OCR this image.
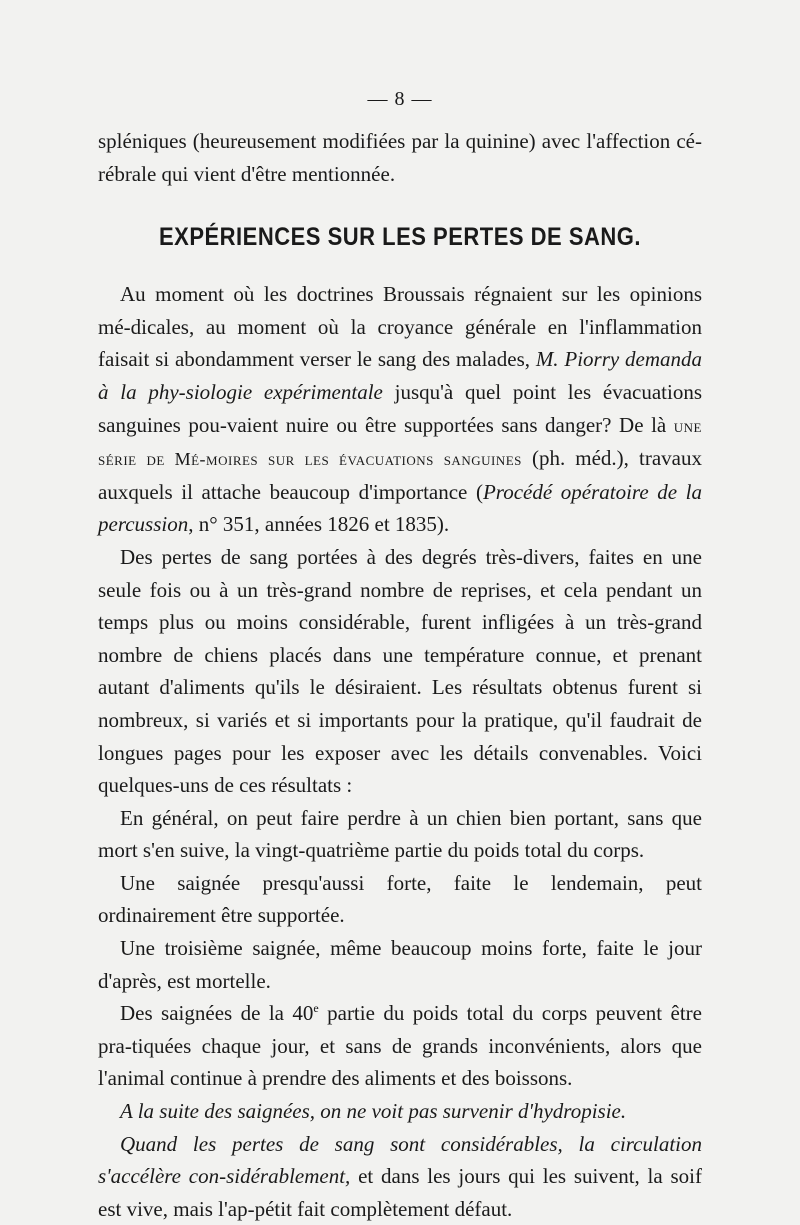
— 8 —

spléniques (heureusement modifiées par la quinine) avec l'affection cé-rébrale qui vient d'être mentionnée.

EXPÉRIENCES SUR LES PERTES DE SANG.

Au moment où les doctrines Broussais régnaient sur les opinions mé-dicales, au moment où la croyance générale en l'inflammation faisait si abondamment verser le sang des malades, M. Piorry demanda à la phy-siologie expérimentale jusqu'à quel point les évacuations sanguines pou-vaient nuire ou être supportées sans danger? De là une série de Mé-moires sur les évacuations sanguines (ph. méd.), travaux auxquels il attache beaucoup d'importance (Procédé opératoire de la percussion, n° 351, années 1826 et 1835).

Des pertes de sang portées à des degrés très-divers, faites en une seule fois ou à un très-grand nombre de reprises, et cela pendant un temps plus ou moins considérable, furent infligées à un très-grand nombre de chiens placés dans une température connue, et prenant autant d'aliments qu'ils le désiraient. Les résultats obtenus furent si nombreux, si variés et si importants pour la pratique, qu'il faudrait de longues pages pour les exposer avec les détails convenables. Voici quelques-uns de ces résultats :

En général, on peut faire perdre à un chien bien portant, sans que mort s'en suive, la vingt-quatrième partie du poids total du corps.

Une saignée presqu'aussi forte, faite le lendemain, peut ordinairement être supportée.

Une troisième saignée, même beaucoup moins forte, faite le jour d'après, est mortelle.

Des saignées de la 40e partie du poids total du corps peuvent être pra-tiquées chaque jour, et sans de grands inconvénients, alors que l'animal continue à prendre des aliments et des boissons.

A la suite des saignées, on ne voit pas survenir d'hydropisie.

Quand les pertes de sang sont considérables, la circulation s'accélère con-sidérablement, et dans les jours qui les suivent, la soif est vive, mais l'ap-pétit fait complètement défaut.
